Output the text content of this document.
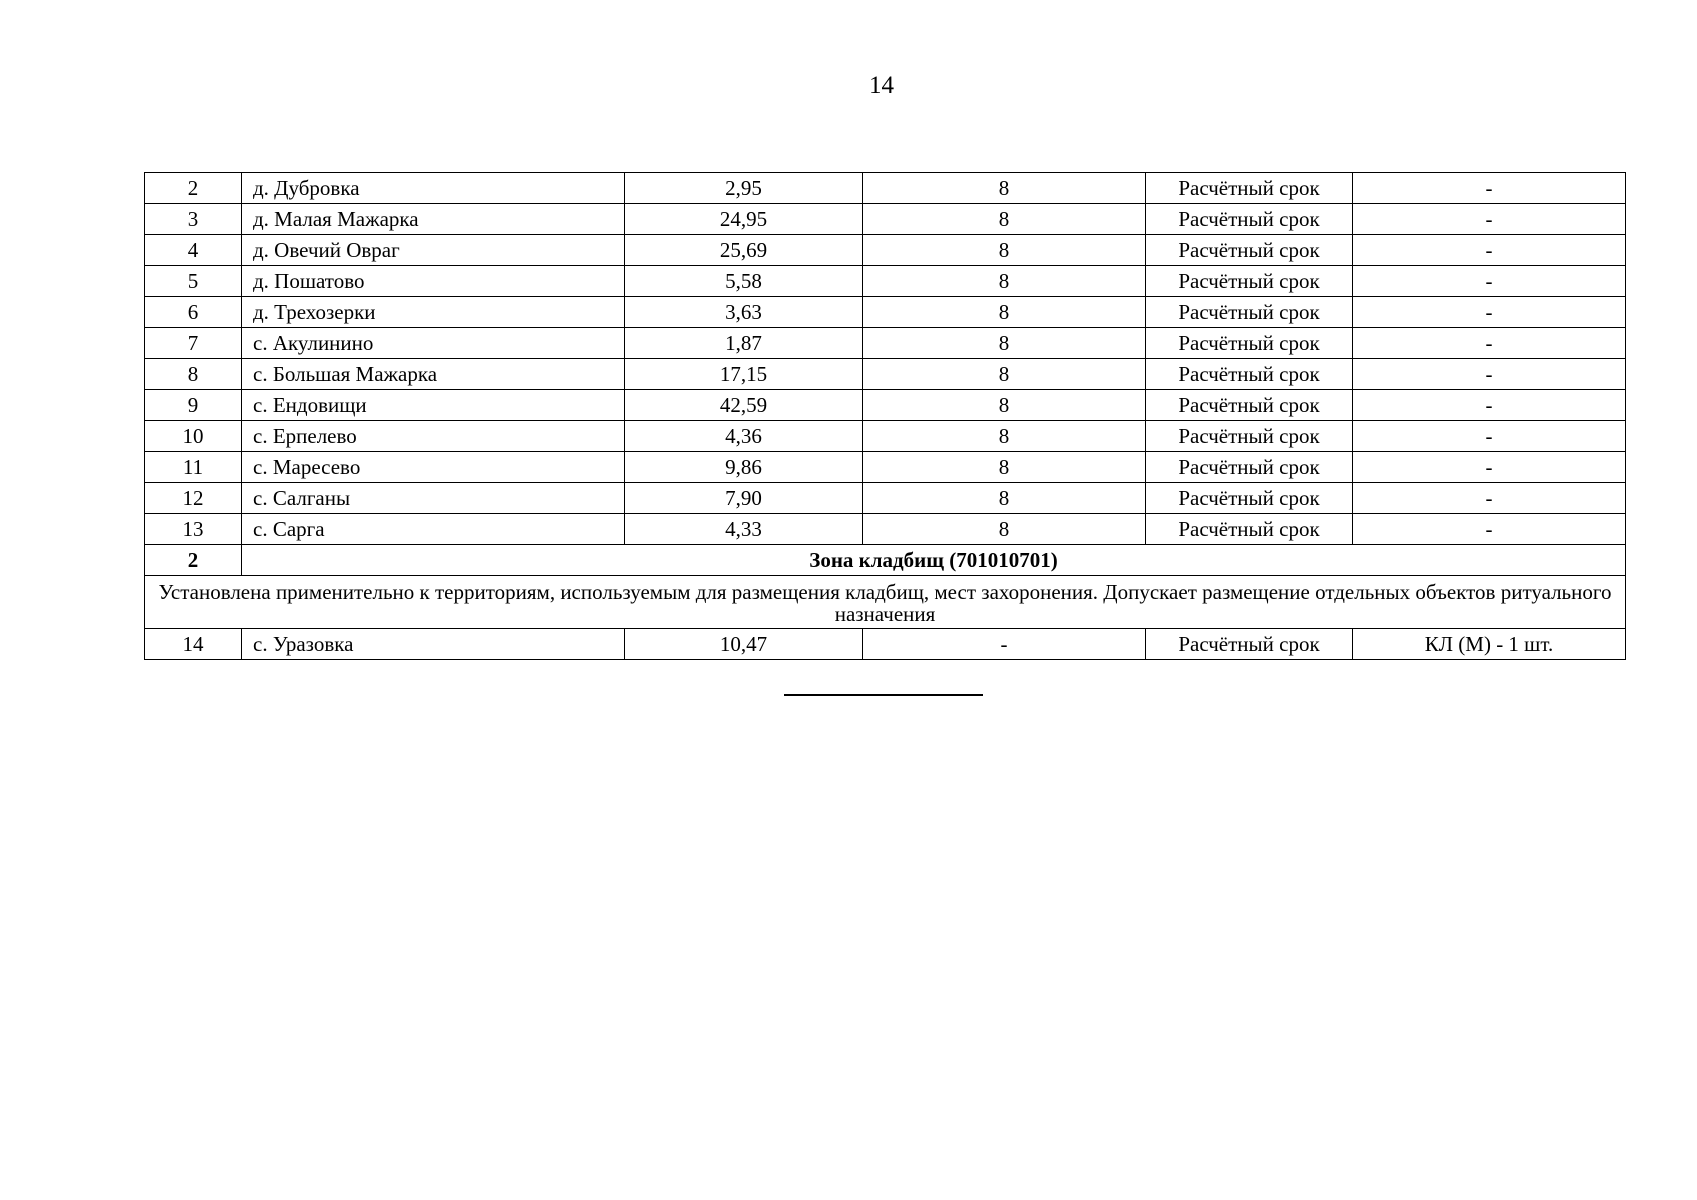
14
2	д. Дубровка	2,95	8	Расчётный срок	-
3	д. Малая Мажарка	24,95	8	Расчётный срок	-
4	д. Овечий Овраг	25,69	8	Расчётный срок	-
5	д. Пошатово	5,58	8	Расчётный срок	-
6	д. Трехозерки	3,63	8	Расчётный срок	-
7	с. Акулинино	1,87	8	Расчётный срок	-
8	с. Большая Мажарка	17,15	8	Расчётный срок	-
9	с. Ендовищи	42,59	8	Расчётный срок	-
10	с. Ерпелево	4,36	8	Расчётный срок	-
11	с. Маресево	9,86	8	Расчётный срок	-
12	с. Салганы	7,90	8	Расчётный срок	-
13	с. Сарга	4,33	8	Расчётный срок	-
2	Зона кладбищ (701010701)				
Установлена применительно к территориям, используемым для размещения кладбищ, мест захоронения. Допускает размещение отдельных объектов ритуального назначения					
14	с. Уразовка	10,47	-	Расчётный срок	КЛ (М) - 1 шт.
